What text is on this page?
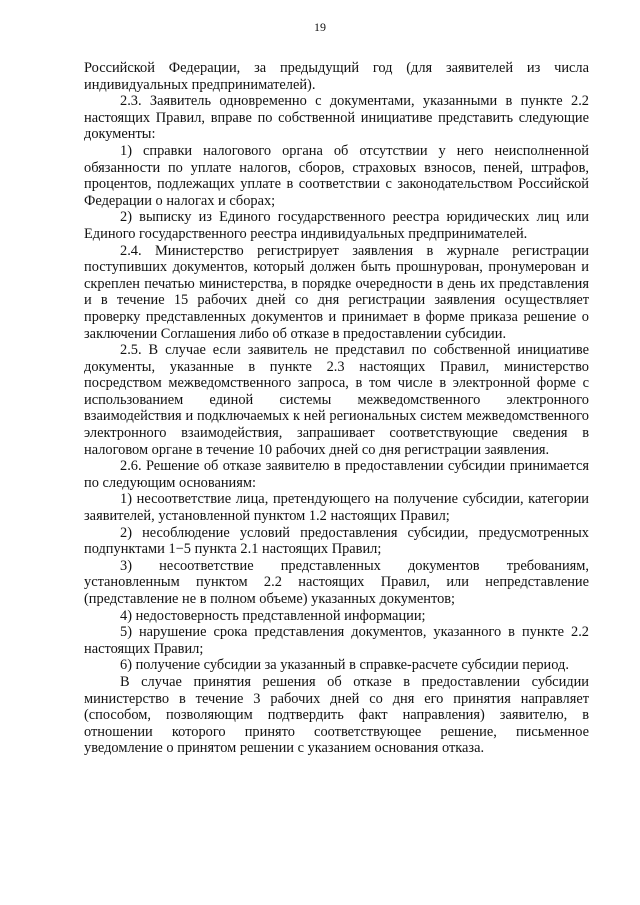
19

Российской Федерации, за предыдущий год (для заявителей из числа индивидуальных предпринимателей).

2.3. Заявитель одновременно с документами, указанными в пункте 2.2 настоящих Правил, вправе по собственной инициативе представить следующие документы:

1) справки налогового органа об отсутствии у него неисполненной обязанности по уплате налогов, сборов, страховых взносов, пеней, штрафов, процентов, подлежащих уплате в соответствии с законодательством Российской Федерации о налогах и сборах;

2) выписку из Единого государственного реестра юридических лиц или Единого государственного реестра индивидуальных предпринимателей.

2.4. Министерство регистрирует заявления в журнале регистрации поступивших документов, который должен быть прошнурован, пронумерован и скреплен печатью министерства, в порядке очередности в день их представления и в течение 15 рабочих дней со дня регистрации заявления осуществляет проверку представленных документов и принимает в форме приказа решение о заключении Соглашения либо об отказе в предоставлении субсидии.

2.5. В случае если заявитель не представил по собственной инициативе документы, указанные в пункте 2.3 настоящих Правил, министерство посредством межведомственного запроса, в том числе в электронной форме с использованием единой системы межведомственного электронного взаимодействия и подключаемых к ней региональных систем межведомственного электронного взаимодействия, запрашивает соответствующие сведения в налоговом органе в течение 10 рабочих дней со дня регистрации заявления.

2.6. Решение об отказе заявителю в предоставлении субсидии принимается по следующим основаниям:

1) несоответствие лица, претендующего на получение субсидии, категории заявителей, установленной пунктом 1.2 настоящих Правил;

2) несоблюдение условий предоставления субсидии, предусмотренных подпунктами 1−5 пункта 2.1 настоящих Правил;

3) несоответствие представленных документов требованиям, установленным пунктом 2.2 настоящих Правил, или непредставление (представление не в полном объеме) указанных документов;

4) недостоверность представленной информации;

5) нарушение срока представления документов, указанного в пункте 2.2 настоящих Правил;

6) получение субсидии за указанный в справке-расчете субсидии период.

В случае принятия решения об отказе в предоставлении субсидии министерство в течение 3 рабочих дней со дня его принятия направляет (способом, позволяющим подтвердить факт направления) заявителю, в отношении которого принято соответствующее решение, письменное уведомление о принятом решении с указанием основания отказа.
